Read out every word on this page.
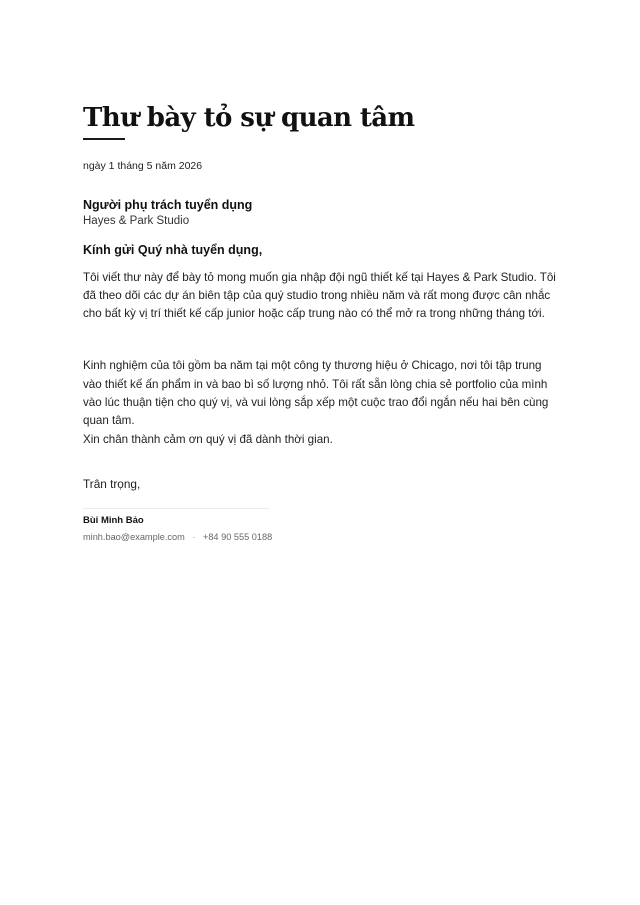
Thư bày tỏ sự quan tâm
ngày 1 tháng 5 năm 2026
Người phụ trách tuyển dụng
Hayes & Park Studio
Kính gửi Quý nhà tuyển dụng,

Tôi viết thư này để bày tỏ mong muốn gia nhập đội ngũ thiết kế tại Hayes & Park Studio. Tôi đã theo dõi các dự án biên tập của quý studio trong nhiều năm và rất mong được cân nhắc cho bất kỳ vị trí thiết kế cấp junior hoặc cấp trung nào có thể mở ra trong những tháng tới.

Kinh nghiệm của tôi gồm ba năm tại một công ty thương hiệu ở Chicago, nơi tôi tập trung vào thiết kế ấn phẩm in và bao bì số lượng nhỏ. Tôi rất sẵn lòng chia sẻ portfolio của mình vào lúc thuận tiện cho quý vị, và vui lòng sắp xếp một cuộc trao đổi ngắn nếu hai bên cùng quan tâm.

Xin chân thành cảm ơn quý vị đã dành thời gian.

Trân trọng,
Bùi Minh Bảo
minh.bao@example.com · +84 90 555 0188
